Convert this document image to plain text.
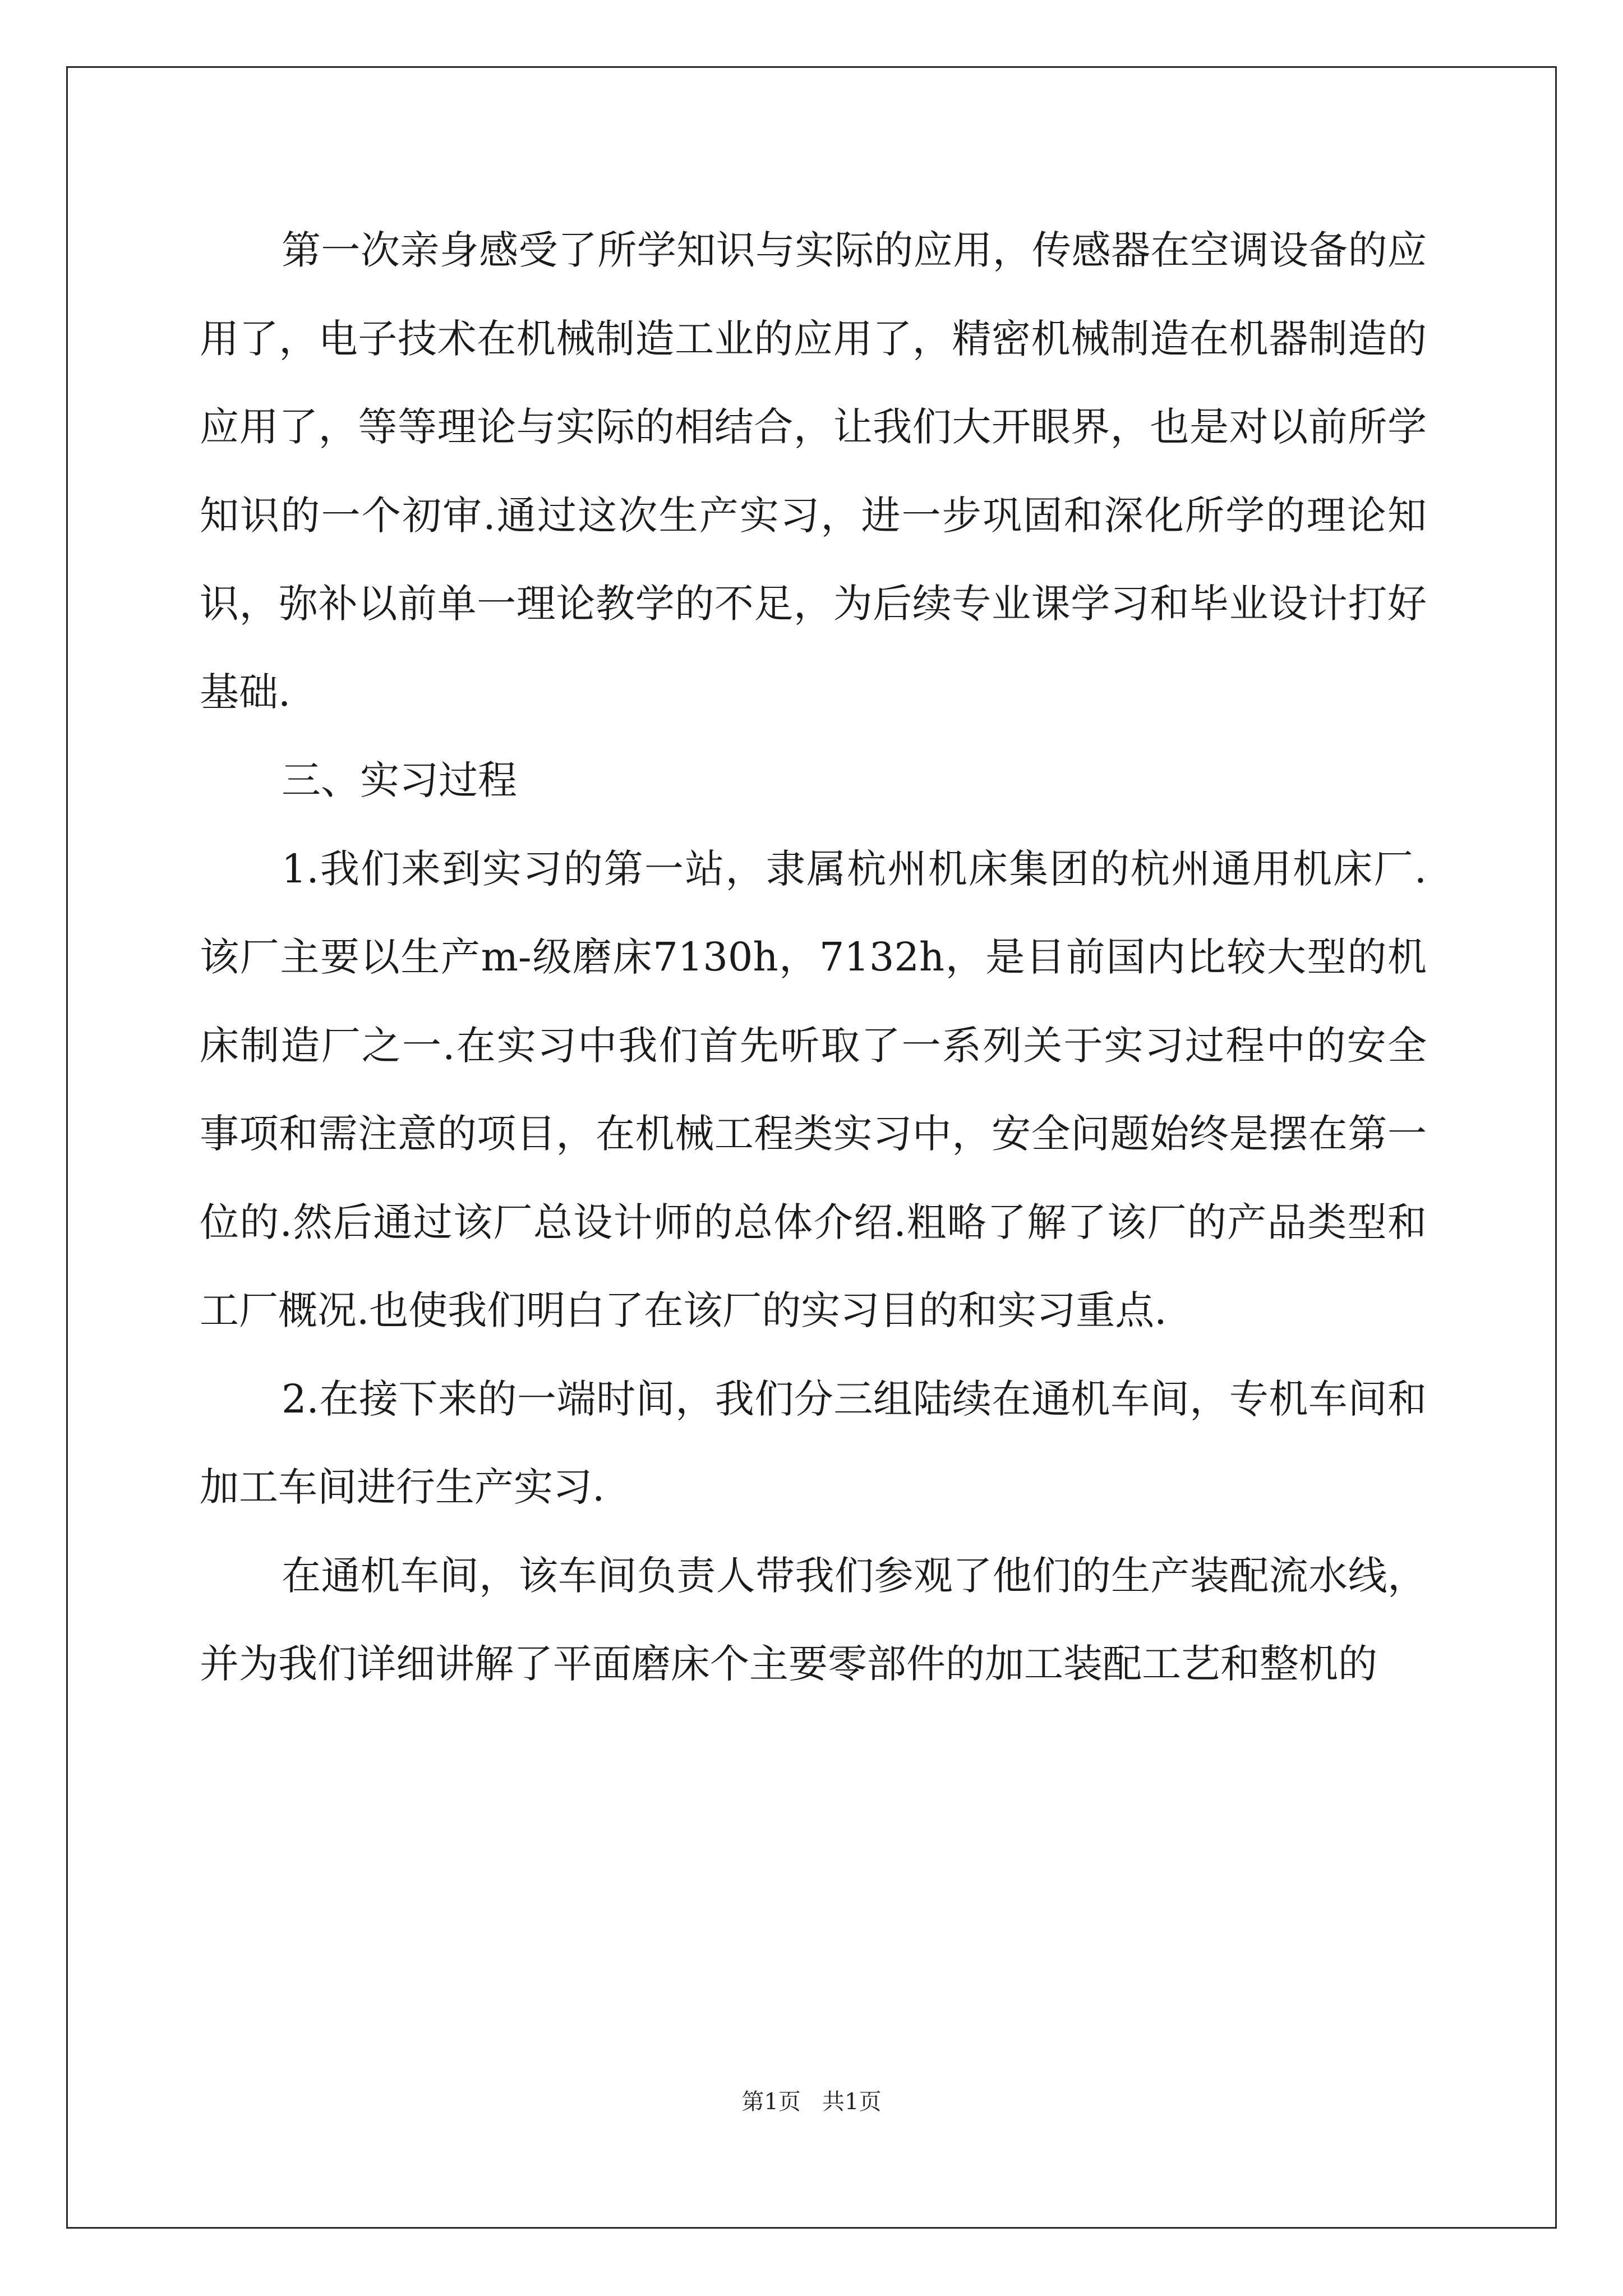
第一次亲身感受了所学知识与实际的应用，传感器在空调设备的应用了，电子技术在机械制造工业的应用了，精密机械制造在机器制造的应用了，等等理论与实际的相结合，让我们大开眼界，也是对以前所学知识的一个初审.通过这次生产实习，进一步巩固和深化所学的理论知识，弥补以前单一理论教学的不足，为后续专业课学习和毕业设计打好基础.

三、实习过程

1.我们来到实习的第一站，隶属杭州机床集团的杭州通用机床厂.该厂主要以生产m-级磨床7130h，7132h，是目前国内比较大型的机床制造厂之一.在实习中我们首先听取了一系列关于实习过程中的安全事项和需注意的项目，在机械工程类实习中，安全问题始终是摆在第一位的.然后通过该厂总设计师的总体介绍.粗略了解了该厂的产品类型和工厂概况.也使我们明白了在该厂的实习目的和实习重点.

2.在接下来的一端时间，我们分三组陆续在通机车间，专机车间和加工车间进行生产实习.

在通机车间，该车间负责人带我们参观了他们的生产装配流水线，并为我们详细讲解了平面磨床个主要零部件的加工装配工艺和整机的

第1页   共1页
